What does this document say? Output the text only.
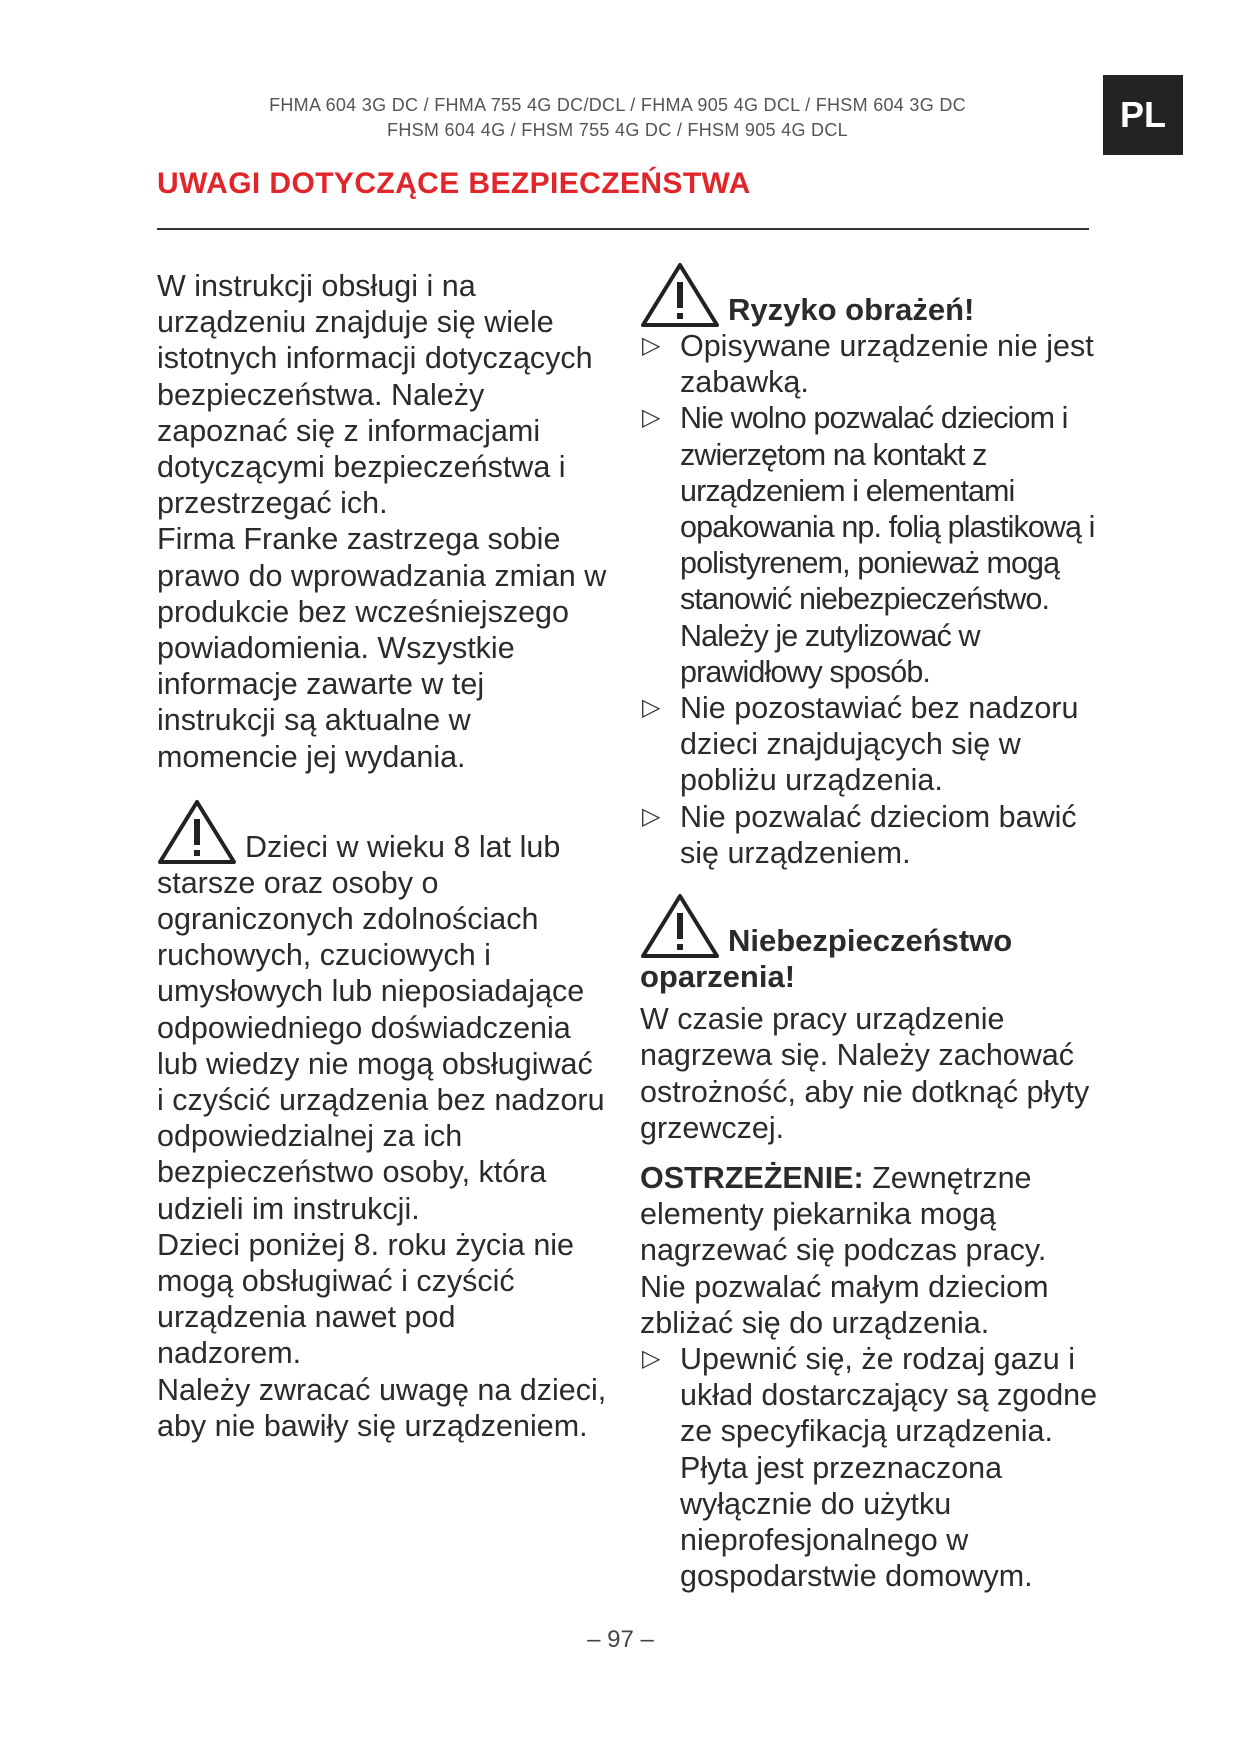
FHMA 604 3G DC / FHMA 755 4G DC/DCL / FHMA 905 4G DCL / FHSM 604 3G DC
FHSM 604 4G / FHSM 755 4G DC / FHSM 905 4G DCL	PL
UWAGI DOTYCZĄCE BEZPIECZEŃSTWA

W instrukcji obsługi i na urządzeniu znajduje się wiele istotnych informacji dotyczących bezpieczeństwa. Należy zapoznać się z informacjami dotyczącymi bezpieczeństwa i przestrzegać ich.

Firma Franke zastrzega sobie prawo do wprowadzania zmian w produkcie bez wcześniejszego powiadomienia. Wszystkie informacje zawarte w tej instrukcji są aktualne w momencie jej wydania.

Dzieci w wieku 8 lat lub starsze oraz osoby o ograniczonych zdolnościach ruchowych, czuciowych i umysłowych lub nieposiadające odpowiedniego doświadczenia lub wiedzy nie mogą obsługiwać i czyścić urządzenia bez nadzoru odpowiedzialnej za ich bezpieczeństwo osoby, która udzieli im instrukcji.

Dzieci poniżej 8. roku życia nie mogą obsługiwać i czyścić urządzenia nawet pod nadzorem.

Należy zwracać uwagę na dzieci, aby nie bawiły się urządzeniem.

Ryzyko obrażeń!
▷ Opisywane urządzenie nie jest zabawką.
▷ Nie wolno pozwalać dzieciom i zwierzętom na kontakt z urządzeniem i elementami opakowania np. folią plastikową i polistyrenem, ponieważ mogą stanowić niebezpieczeństwo. Należy je zutylizować w prawidłowy sposób.
▷ Nie pozostawiać bez nadzoru dzieci znajdujących się w pobliżu urządzenia.
▷ Nie pozwalać dzieciom bawić się urządzeniem.
Niebezpieczeństwo oparzenia!

W czasie pracy urządzenie nagrzewa się. Należy zachować ostrożność, aby nie dotknąć płyty grzewczej.

OSTRZEŻENIE: Zewnętrzne elementy piekarnika mogą nagrzewać się podczas pracy. Nie pozwalać małym dzieciom zbliżać się do urządzenia.

▷ Upewnić się, że rodzaj gazu i układ dostarczający są zgodne ze specyfikacją urządzenia. Płyta jest przeznaczona wyłącznie do użytku nieprofesjonalnego w gospodarstwie domowym.
– 97 –
